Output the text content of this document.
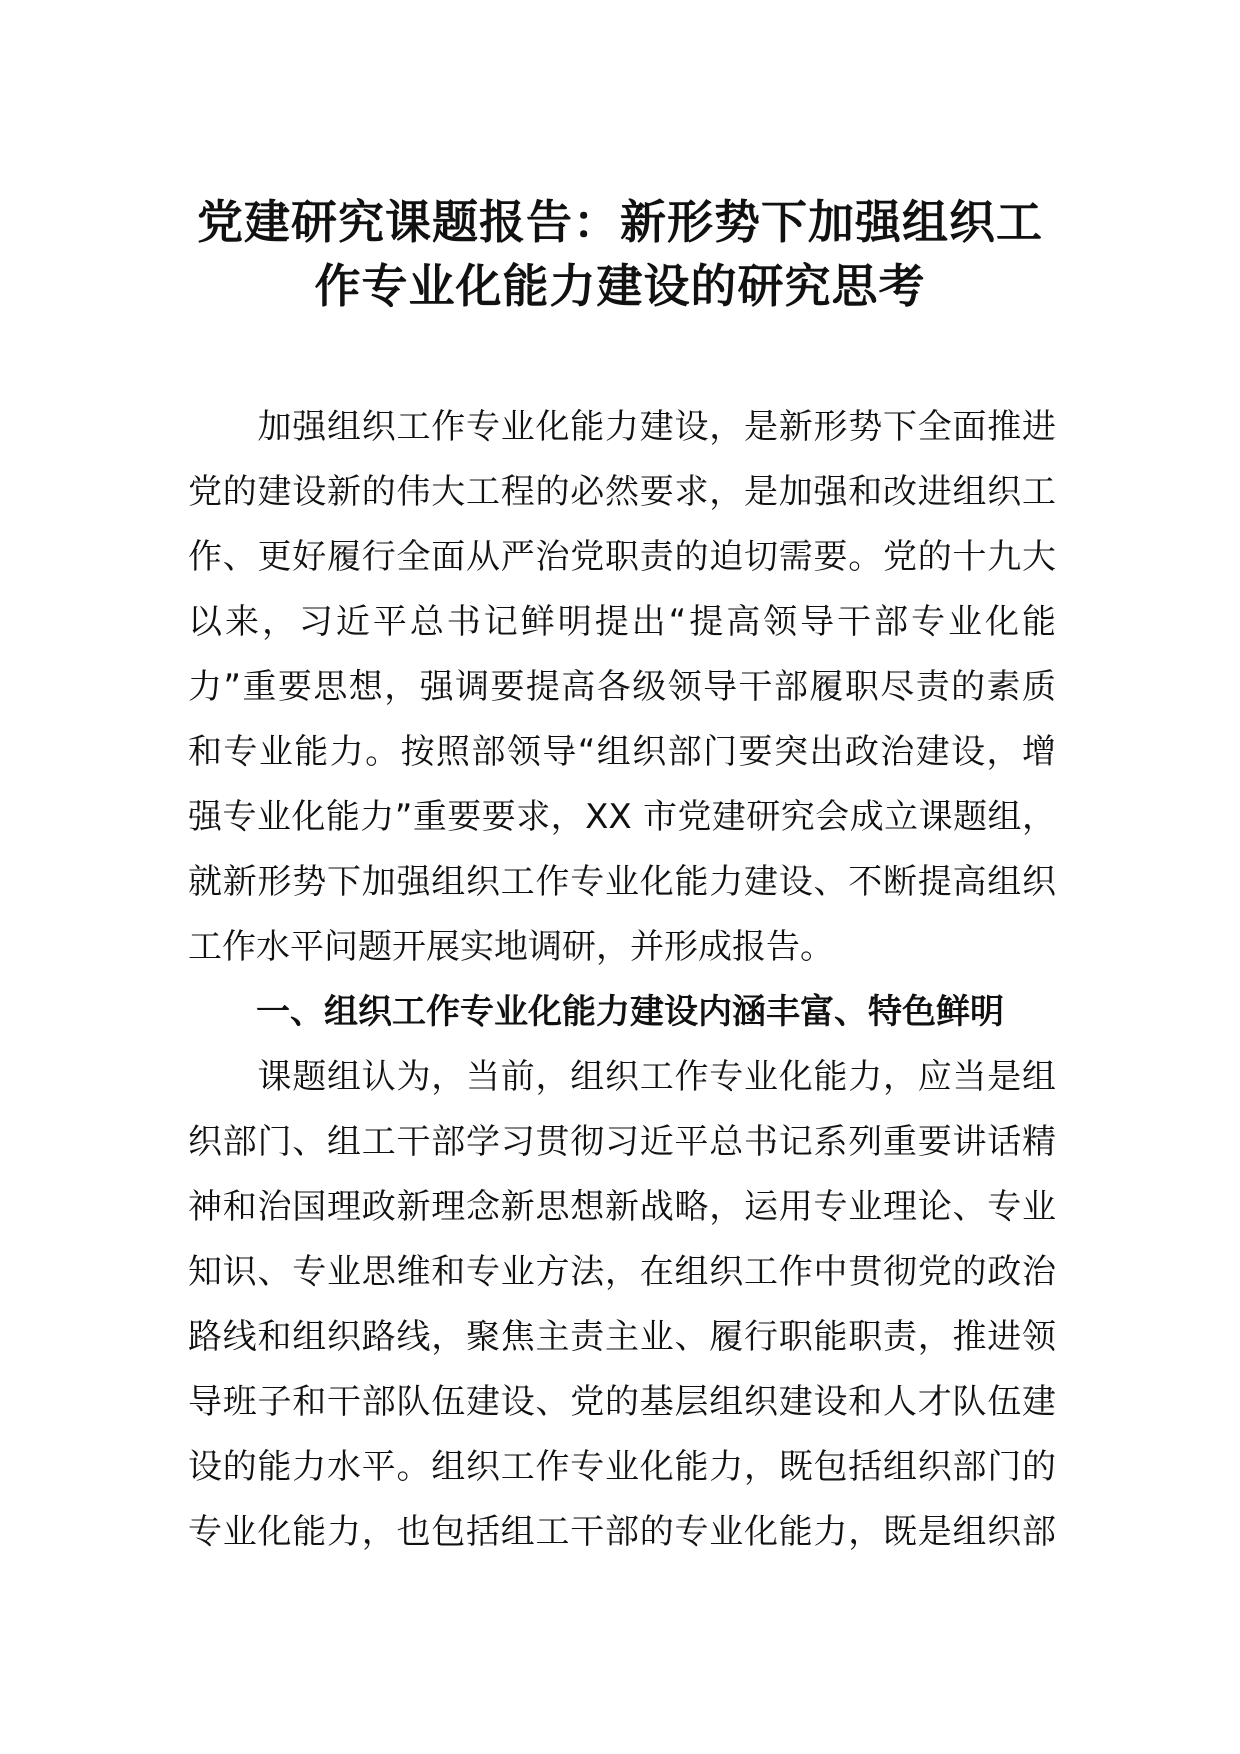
党建研究课题报告：新形势下加强组织工
作专业化能力建设的研究思考
　　加强组织工作专业化能力建设，是新形势下全面推进
党的建设新的伟大工程的必然要求，是加强和改进组织工
作、更好履行全面从严治党职责的迫切需要。党的十九大
以来，习近平总书记鲜明提出“提高领导干部专业化能
力”重要思想，强调要提高各级领导干部履职尽责的素质
和专业能力。按照部领导“组织部门要突出政治建设，增
强专业化能力”重要要求，XX 市党建研究会成立课题组，
就新形势下加强组织工作专业化能力建设、不断提高组织
工作水平问题开展实地调研，并形成报告。
一、组织工作专业化能力建设内涵丰富、特色鲜明
　　课题组认为，当前，组织工作专业化能力，应当是组
织部门、组工干部学习贯彻习近平总书记系列重要讲话精
神和治国理政新理念新思想新战略，运用专业理论、专业
知识、专业思维和专业方法，在组织工作中贯彻党的政治
路线和组织路线，聚焦主责主业、履行职能职责，推进领
导班子和干部队伍建设、党的基层组织建设和人才队伍建
设的能力水平。组织工作专业化能力，既包括组织部门的
专业化能力，也包括组工干部的专业化能力，既是组织部
